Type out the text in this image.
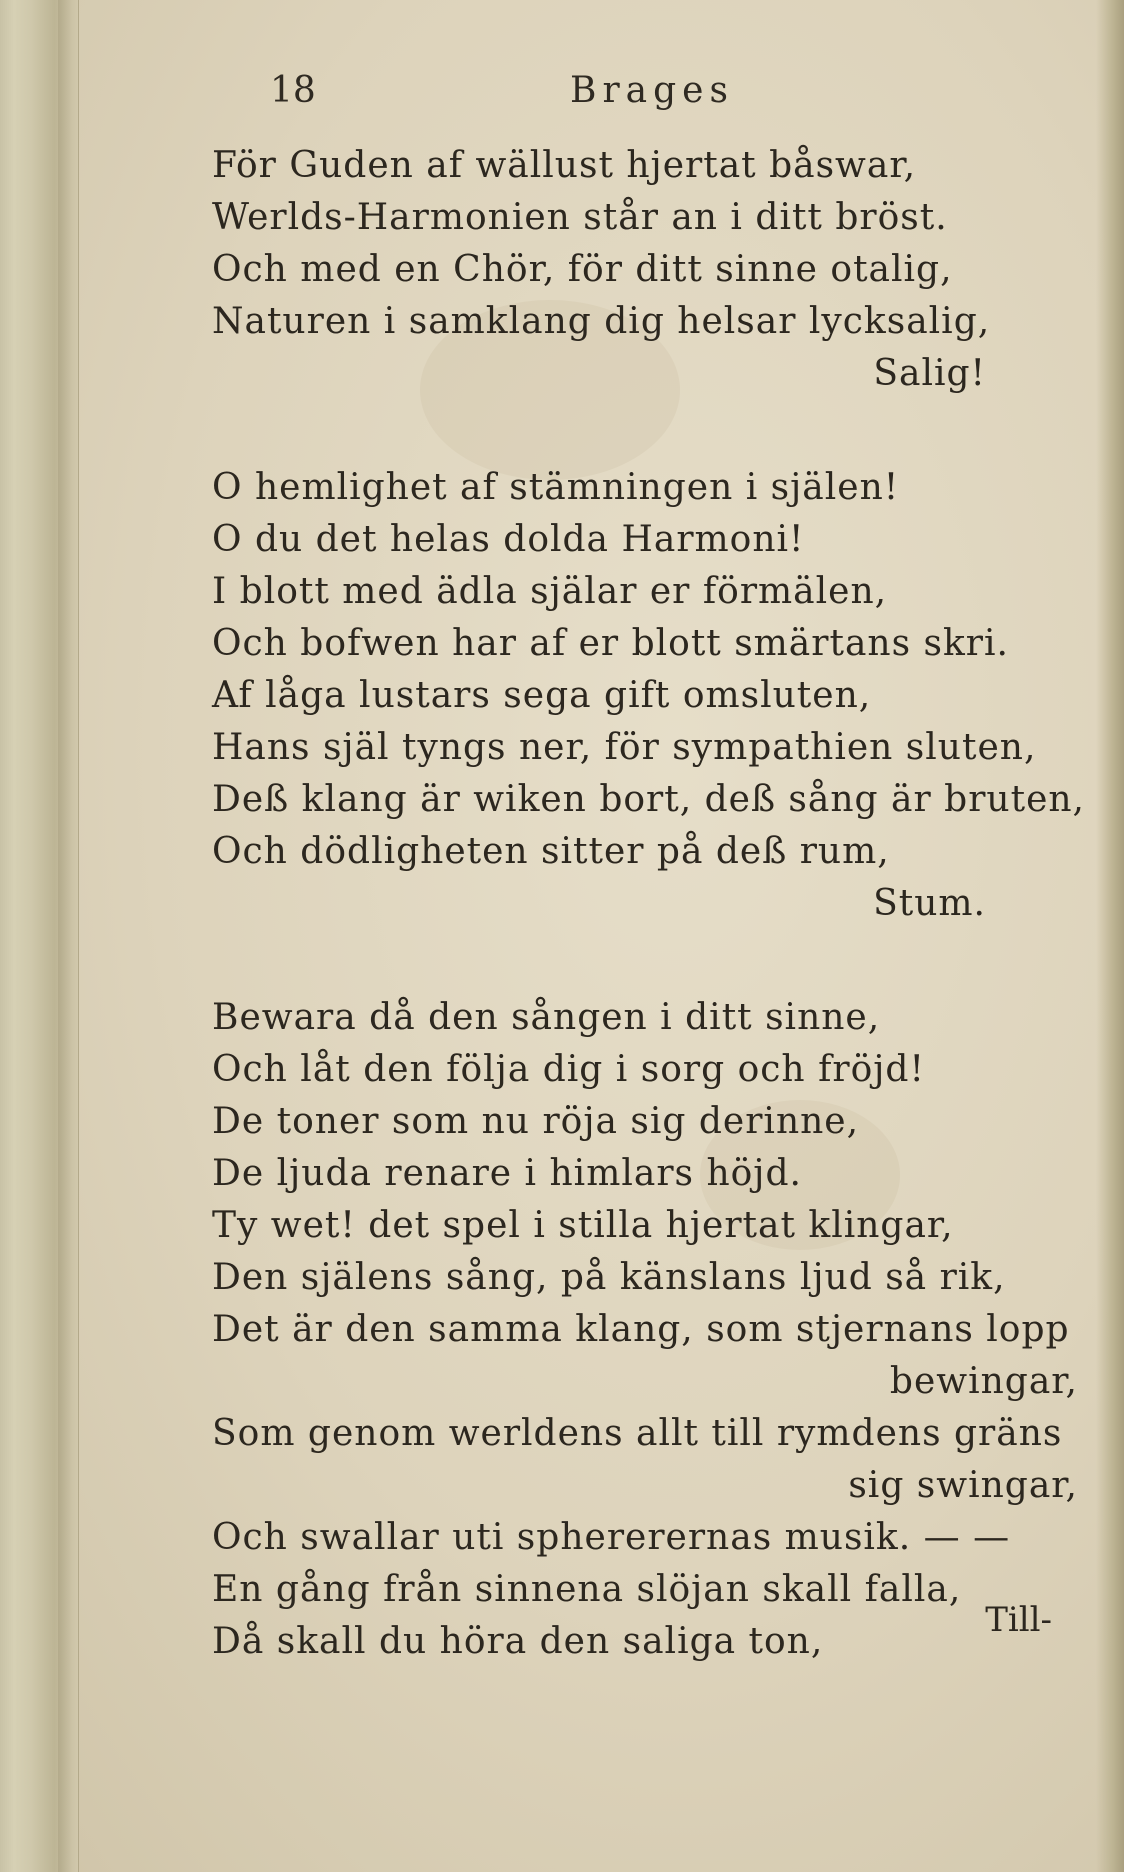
18	Brages
För Guden af wällust hjertat båswar,
Werlds-Harmonien står an i ditt bröst.
Och med en Chör, för ditt sinne otalig,
Naturen i samklang dig helsar lycksalig,
Salig!
O hemlighet af stämningen i själen!
O du det helas dolda Harmoni!
I blott med ädla själar er förmälen,
Och bofwen har af er blott smärtans skri.
Af låga lustars sega gift omsluten,
Hans själ tyngs ner, för sympathien sluten,
Deß klang är wiken bort, deß sång är bruten,
Och dödligheten sitter på deß rum,
Stum.
Bewara då den sången i ditt sinne,
Och låt den följa dig i sorg och fröjd!
De toner som nu röja sig derinne,
De ljuda renare i himlars höjd.
Ty wet! det spel i stilla hjertat klingar,
Den själens sång, på känslans ljud så rik,
Det är den samma klang, som stjernans lopp
bewingar,
Som genom werldens allt till rymdens gräns
sig swingar,
Och swallar uti sphererernas musik. — —
En gång från sinnena slöjan skall falla,
Då skall du höra den saliga ton,
Till-
